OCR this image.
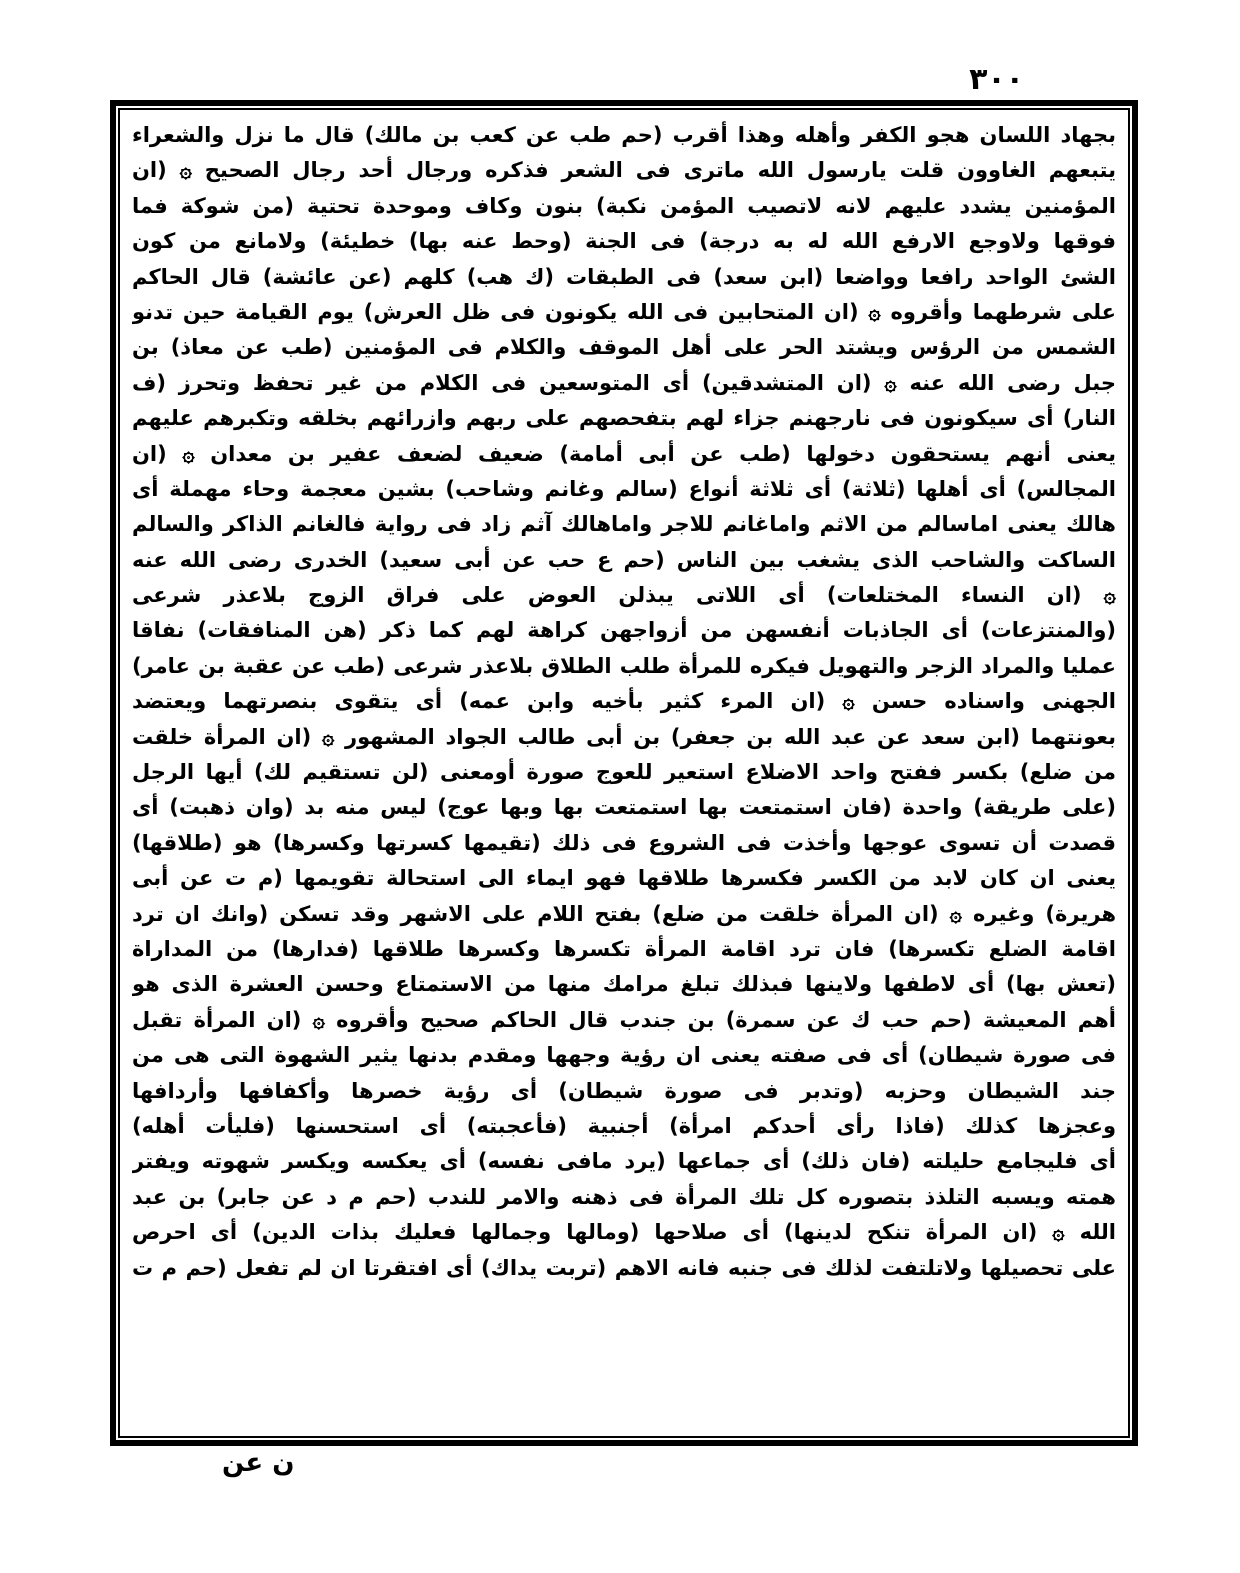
٣٠٠
بجهاد اللسان هجو الكفر وأهله وهذا أقرب (حم طب عن كعب بن مالك) قال ما نزل والشعراء
يتبعهم الغاوون قلت يارسول الله ماترى فى الشعر فذكره ورجال أحد رجال الصحيح ۞ (ان
المؤمنين يشدد عليهم لانه لاتصيب المؤمن نكبة) بنون وكاف وموحدة تحتية (من شوكة فما
فوقها ولاوجع الارفع الله له به درجة) فى الجنة (وحط عنه بها) خطيئة) ولامانع من كون
الشئ الواحد رافعا وواضعا (ابن سعد) فى الطبقات (ك هب) كلهم (عن عائشة) قال الحاكم
على شرطهما وأقروه ۞ (ان المتحابين فى الله يكونون فى ظل العرش) يوم القيامة حين تدنو
الشمس من الرؤس ويشتد الحر على أهل الموقف والكلام فى المؤمنين (طب عن معاذ) بن
جبل رضى الله عنه ۞ (ان المتشدقين) أى المتوسعين فى الكلام من غير تحفظ وتحرز (ف
النار) أى سيكونون فى نارجهنم جزاء لهم بتفحصهم على ربهم وازرائهم بخلقه وتكبرهم عليهم
يعنى أنهم يستحقون دخولها (طب عن أبى أمامة) ضعيف لضعف عفير بن معدان ۞ (ان
المجالس) أى أهلها (ثلاثة) أى ثلاثة أنواع (سالم وغانم وشاحب) بشين معجمة وحاء مهملة أى
هالك يعنى اماسالم من الاثم واماغانم للاجر واماهالك آثم زاد فى رواية فالغانم الذاكر والسالم
الساكت والشاحب الذى يشغب بين الناس (حم ع حب عن أبى سعيد) الخدرى رضى الله عنه
۞ (ان النساء المختلعات) أى اللاتى يبذلن العوض على فراق الزوج بلاعذر شرعى
(والمنتزعات) أى الجاذبات أنفسهن من أزواجهن كراهة لهم كما ذكر (هن المنافقات) نفاقا
عمليا والمراد الزجر والتهويل فيكره للمرأة طلب الطلاق بلاعذر شرعى (طب عن عقبة بن عامر)
الجهنى واسناده حسن ۞ (ان المرء كثير بأخيه وابن عمه) أى يتقوى بنصرتهما ويعتضد
بعونتهما (ابن سعد عن عبد الله بن جعفر) بن أبى طالب الجواد المشهور ۞ (ان المرأة خلقت
من ضلع) بكسر ففتح واحد الاضلاع استعير للعوج صورة أومعنى (لن تستقيم لك) أيها الرجل
(على طريقة) واحدة (فان استمتعت بها استمتعت بها وبها عوج) ليس منه بد (وان ذهبت) أى
قصدت أن تسوى عوجها وأخذت فى الشروع فى ذلك (تقيمها كسرتها وكسرها) هو (طلاقها)
يعنى ان كان لابد من الكسر فكسرها طلاقها فهو ايماء الى استحالة تقويمها (م ت عن أبى
هريرة) وغيره ۞ (ان المرأة خلقت من ضلع) بفتح اللام على الاشهر وقد تسكن (وانك ان ترد
اقامة الضلع تكسرها) فان ترد اقامة المرأة تكسرها وكسرها طلاقها (فدارها) من المداراة
(تعش بها) أى لاطفها ولاينها فبذلك تبلغ مرامك منها من الاستمتاع وحسن العشرة الذى هو
أهم المعيشة (حم حب ك عن سمرة) بن جندب قال الحاكم صحيح وأقروه ۞ (ان المرأة تقبل
فى صورة شيطان) أى فى صفته يعنى ان رؤية وجهها ومقدم بدنها يثير الشهوة التى هى من
جند الشيطان وحزبه (وتدبر فى صورة شيطان) أى رؤية خصرها وأكفافها وأردافها
وعجزها كذلك (فاذا رأى أحدكم امرأة) أجنبية (فأعجبته) أى استحسنها (فليأت أهله)
أى فليجامع حليلته (فان ذلك) أى جماعها (يرد مافى نفسه) أى يعكسه ويكسر شهوته ويفتر
همته ويسبه التلذذ بتصوره كل تلك المرأة فى ذهنه والامر للندب (حم م د عن جابر) بن عبد
الله ۞ (ان المرأة تنكح لدينها) أى صلاحها (ومالها وجمالها فعليك بذات الدين) أى احرص
على تحصيلها ولاتلتفت لذلك فى جنبه فانه الاهم (تربت يداك) أى افتقرتا ان لم تفعل (حم م ت
ن عن
